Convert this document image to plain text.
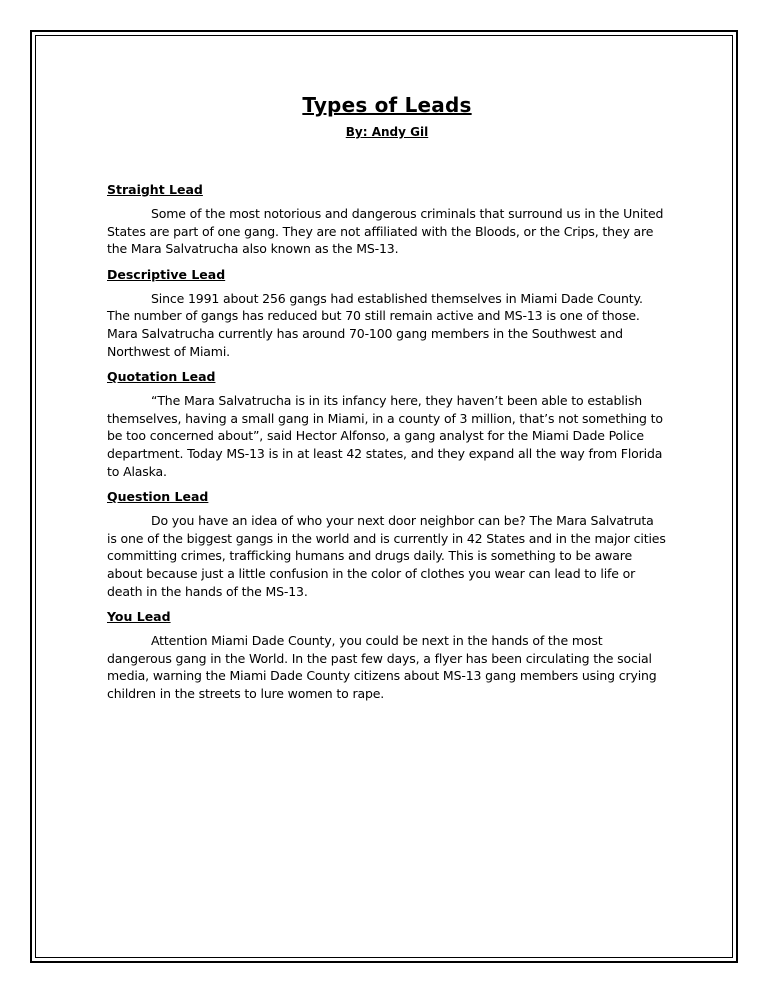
Types of Leads

By: Andy Gil

Straight Lead

Some of the most notorious and dangerous criminals that surround us in the United States are part of one gang. They are not affiliated with the Bloods, or the Crips, they are the Mara Salvatrucha also known as the MS-13.

Descriptive Lead

Since 1991 about 256 gangs had established themselves in Miami Dade County. The number of gangs has reduced but 70 still remain active and MS-13 is one of those. Mara Salvatrucha currently has around 70-100 gang members in the Southwest and Northwest of Miami.

Quotation Lead

“The Mara Salvatrucha is in its infancy here, they haven’t been able to establish themselves, having a small gang in Miami, in a county of 3 million, that’s not something to be too concerned about”, said Hector Alfonso, a gang analyst for the Miami Dade Police department. Today MS-13 is in at least 42 states, and they expand all the way from Florida to Alaska.

Question Lead

Do you have an idea of who your next door neighbor can be? The Mara Salvatruta is one of the biggest gangs in the world and is currently in 42 States and in the major cities committing crimes, trafficking humans and drugs daily. This is something to be aware about because just a little confusion in the color of clothes you wear can lead to life or death in the hands of the MS-13.

You Lead

Attention Miami Dade County, you could be next in the hands of the most dangerous gang in the World. In the past few days, a flyer has been circulating the social media, warning the Miami Dade County citizens about MS-13 gang members using crying children in the streets to lure women to rape.
